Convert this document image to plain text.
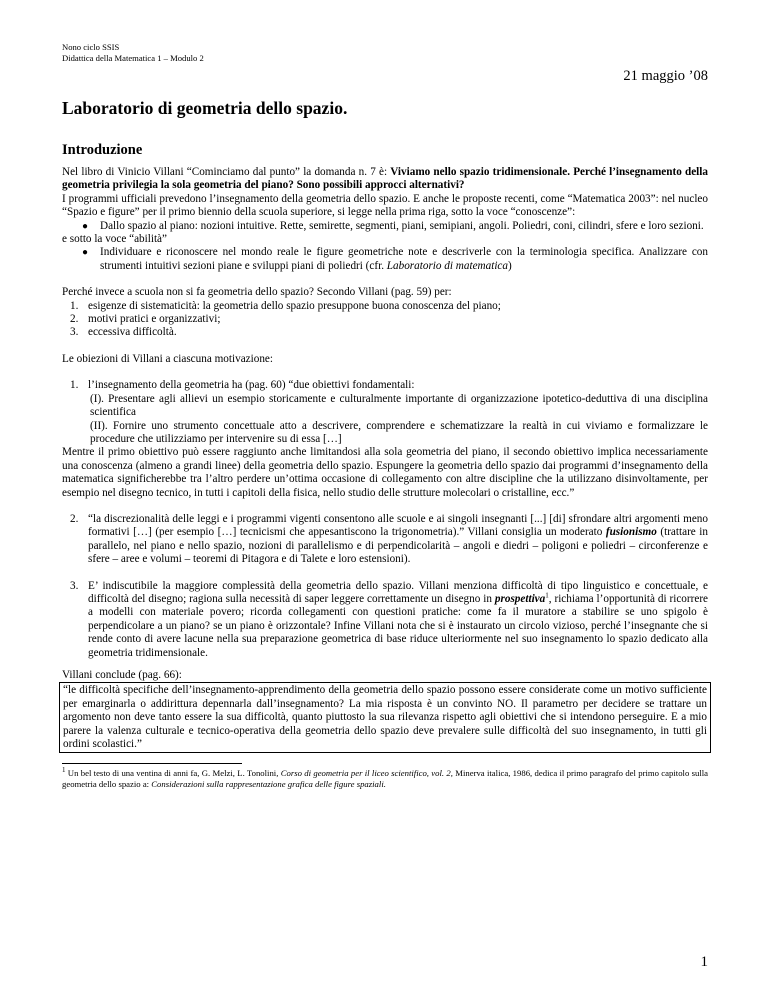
Nono ciclo SSIS
Didattica della Matematica 1 – Modulo 2
21 maggio ’08
Laboratorio di geometria dello spazio.
Introduzione

Nel libro di Vinicio Villani “Cominciamo dal punto” la domanda n. 7 è: Viviamo nello spazio tridimensionale. Perché l’insegnamento della geometria privilegia la sola geometria del piano? Sono possibili approcci alternativi?

I programmi ufficiali prevedono l’insegnamento della geometria dello spazio. E anche le proposte recenti, come “Matematica 2003”: nel nucleo “Spazio e figure” per il primo biennio della scuola superiore, si legge nella prima riga, sotto la voce “conoscenze”:

●	Dallo spazio al piano: nozioni intuitive. Rette, semirette, segmenti, piani, semipiani, angoli. Poliedri, coni, cilindri, sfere e loro sezioni.

e sotto la voce “abilità”

●	Individuare e riconoscere nel mondo reale le figure geometriche note e descriverle con la terminologia specifica. Analizzare con strumenti intuitivi sezioni piane e sviluppi piani di poliedri (cfr. Laboratorio di matematica)

Perché invece a scuola non si fa geometria dello spazio? Secondo Villani (pag. 59) per:

1. esigenze di sistematicità: la geometria dello spazio presuppone buona conoscenza del piano;
2. motivi pratici e organizzativi;
3. eccessiva difficoltà.

Le obiezioni di Villani a ciascuna motivazione:

1. l’insegnamento della geometria ha (pag. 60) “due obiettivi fondamentali:

(I). Presentare agli allievi un esempio storicamente e culturalmente importante di organizzazione ipotetico-deduttiva di una disciplina scientifica

(II). Fornire uno strumento concettuale atto a descrivere, comprendere e schematizzare la realtà in cui viviamo e formalizzare le procedure che utilizziamo per intervenire su di essa […]

Mentre il primo obiettivo può essere raggiunto anche limitandosi alla sola geometria del piano, il secondo obiettivo implica necessariamente una conoscenza (almeno a grandi linee) della geometria dello spazio. Espungere la geometria dello spazio dai programmi d’insegnamento della matematica significherebbe tra l’altro perdere un’ottima occasione di collegamento con altre discipline che la utilizzano disinvoltamente, per esempio nel disegno tecnico, in tutti i capitoli della fisica, nello studio delle strutture molecolari o cristalline, ecc.”

2. “la discrezionalità delle leggi e i programmi vigenti consentono alle scuole e ai singoli insegnanti [...] [di] sfrondare altri argomenti meno formativi […] (per esempio […] tecnicismi che appesantiscono la trigonometria).” Villani consiglia un moderato fusionismo (trattare in parallelo, nel piano e nello spazio, nozioni di parallelismo e di perpendicolarità – angoli e diedri – poligoni e poliedri – circonferenze e sfere – aree e volumi – teoremi di Pitagora e di Talete e loro estensioni).
3. E’ indiscutibile la maggiore complessità della geometria dello spazio. Villani menziona difficoltà di tipo linguistico e concettuale, e difficoltà del disegno; ragiona sulla necessità di saper leggere correttamente un disegno in prospettiva$^1$, richiama l’opportunità di ricorrere a modelli con materiale povero; ricorda collegamenti con questioni pratiche: come fa il muratore a stabilire se uno spigolo è perpendicolare a un piano? se un piano è orizzontale? Infine Villani nota che si è instaurato un circolo vizioso, perché l’insegnante che si rende conto di avere lacune nella sua preparazione geometrica di base riduce ulteriormente nel suo insegnamento lo spazio dedicato alla geometria tridimensionale.

Villani conclude (pag. 66):

“le difficoltà specifiche dell’insegnamento-apprendimento della geometria dello spazio possono essere considerate come un motivo sufficiente per emarginarla o addirittura depennarla dall’insegnamento? La mia risposta è un convinto NO. Il parametro per decidere se trattare un argomento non deve tanto essere la sua difficoltà, quanto piuttosto la sua rilevanza rispetto agli obiettivi che si intendono perseguire. E a mio parere la valenza culturale e tecnico-operativa della geometria dello spazio deve prevalere sulle difficoltà del suo insegnamento, in tutti gli ordini scolastici.”

$^1$ Un bel testo di una ventina di anni fa, G. Melzi, L. Tonolini, Corso di geometria per il liceo scientifico, vol. 2, Minerva italica, 1986, dedica il primo paragrafo del primo capitolo sulla geometria dello spazio a: Considerazioni sulla rappresentazione grafica delle figure spaziali.

1
